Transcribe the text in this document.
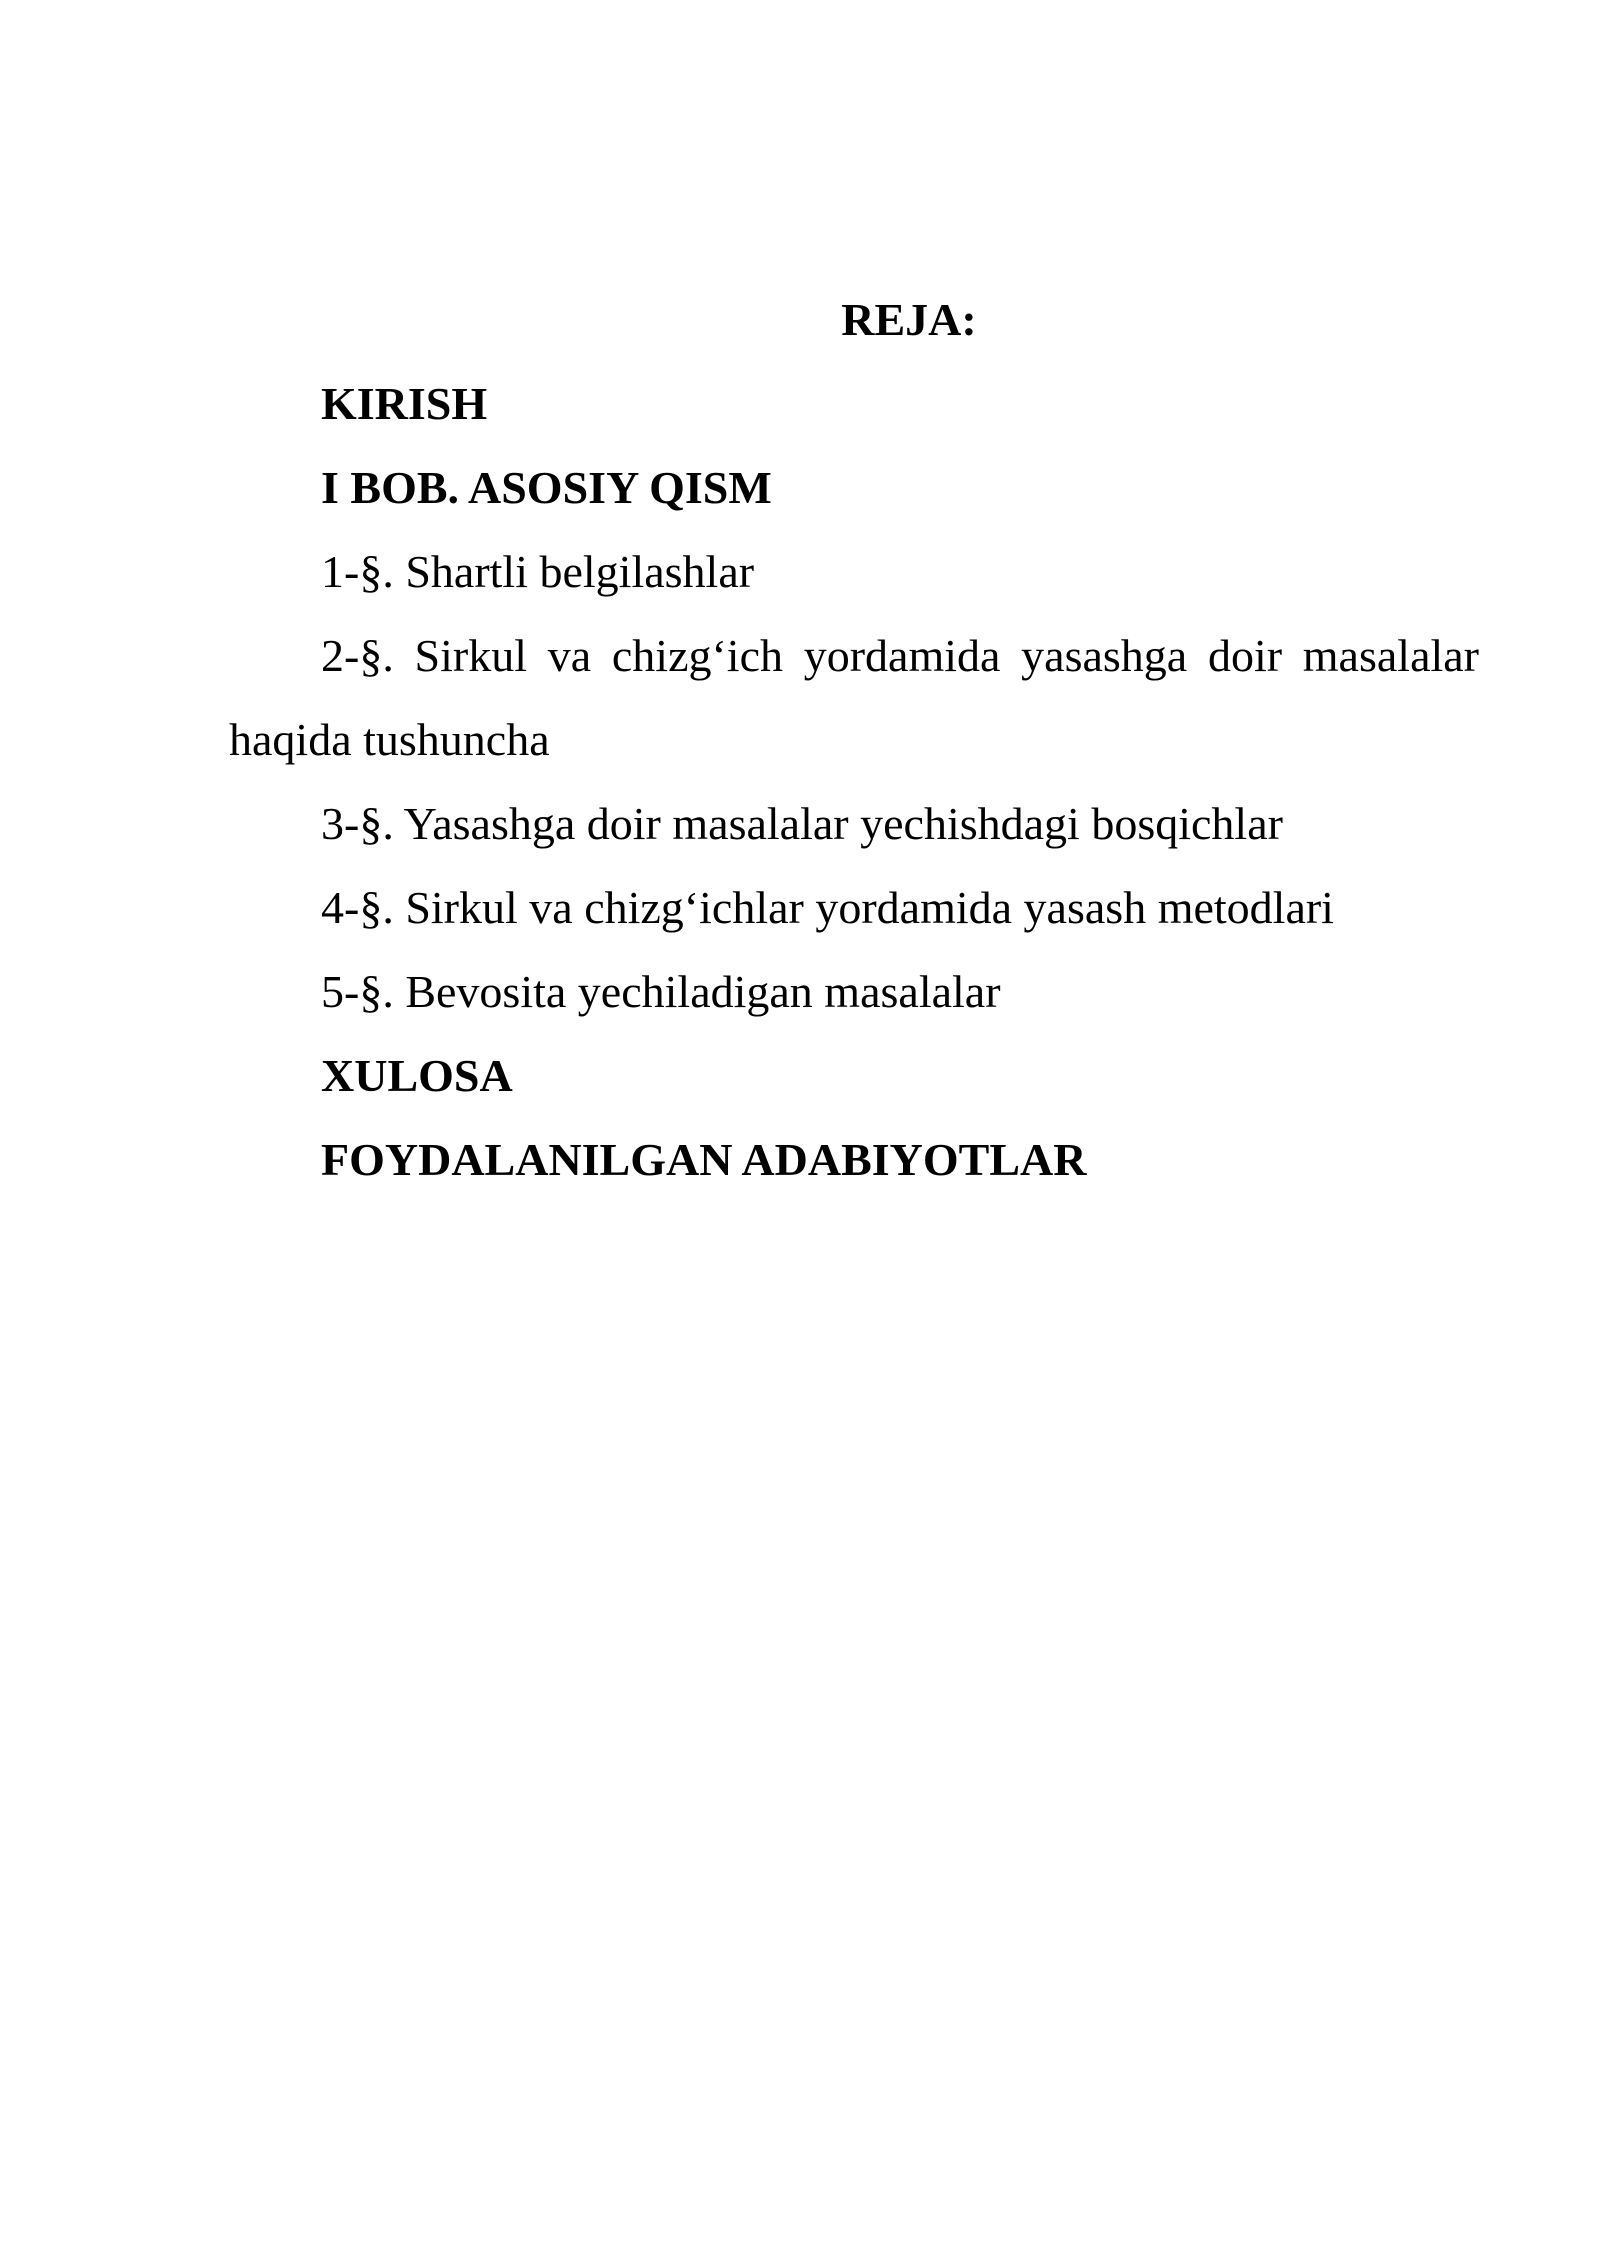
REJA:
KIRISH
I BOB. ASOSIY QISM
1-§. Shartli belgilashlar
2-§. Sirkul va chizg‘ich yordamida yasashga doir masalalar haqida tushuncha
3-§. Yasashga doir masalalar yechishdagi bosqichlar
4-§. Sirkul va chizg‘ichlar yordamida yasash metodlari
5-§. Bevosita yechiladigan masalalar
XULOSA
FOYDALANILGAN ADABIYOTLAR
